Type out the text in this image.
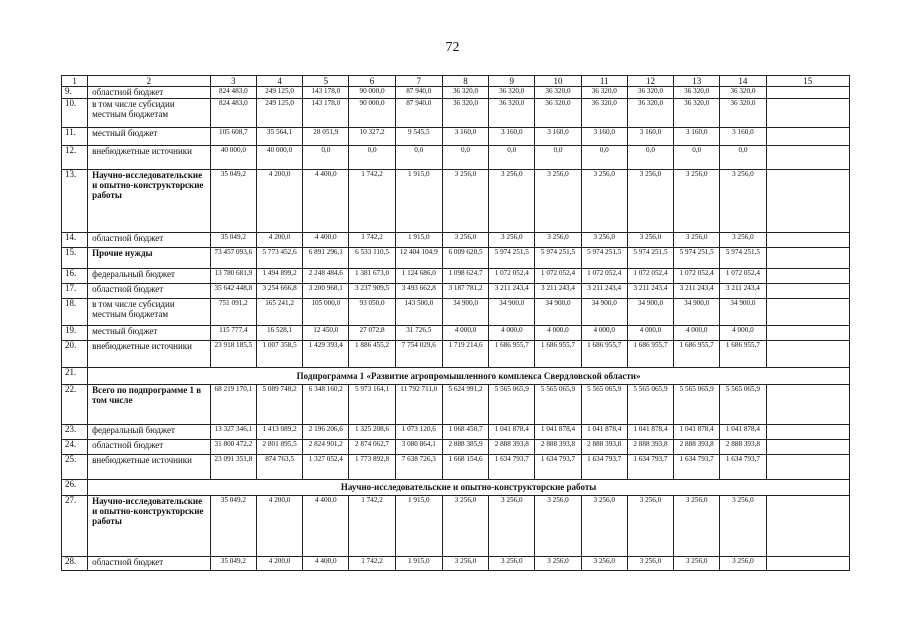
72
1	2	3	4	5	6	7	8	9	10	11	12	13	14	15
9.	областной бюджет	824 483,0	249 125,0	143 178,0	90 000,0	87 940,0	36 320,0	36 320,0	36 320,0	36 320,0	36 320,0	36 320,0	36 320,0	
10.	в том числе субсидии местным бюджетам	824 483,0	249 125,0	143 178,0	90 000,0	87 940,0	36 320,0	36 320,0	36 320,0	36 320,0	36 320,0	36 320,0	36 320,0	
11.	местный бюджет	105 608,7	35 564,1	28 051,9	10 327,2	9 545,5	3 160,0	3 160,0	3 160,0	3 160,0	3 160,0	3 160,0	3 160,0	
12.	внебюджетные источники	40 000,0	40 000,0	0,0	0,0	0,0	0,0	0,0	0,0	0,0	0,0	0,0	0,0	
13.	Научно-исследовательские и опытно-конструкторские работы	35 049,2	4 200,0	4 400,0	1 742,2	1 915,0	3 256,0	3 256,0	3 256,0	3 256,0	3 256,0	3 256,0	3 256,0	
14.	областной бюджет	35 049,2	4 200,0	4 400,0	1 742,2	1 915,0	3 256,0	3 256,0	3 256,0	3 256,0	3 256,0	3 256,0	3 256,0	
15.	Прочие нужды	73 457 093,6	5 773 452,6	6 891 296,1	6 533 110,5	12 404 104,9	6 009 620,5	5 974 251,5	5 974 251,5	5 974 251,5	5 974 251,5	5 974 251,5	5 974 251,5	
16.	федеральный бюджет	13 780 681,9	1 494 899,2	2 248 484,6	1 381 673,0	1 124 686,0	1 098 624,7	1 072 052,4	1 072 052,4	1 072 052,4	1 072 052,4	1 072 052,4	1 072 052,4	
17.	областной бюджет	35 642 448,8	3 254 666,8	3 200 968,1	3 237 909,5	3 493 662,8	3 187 781,2	3 211 243,4	3 211 243,4	3 211 243,4	3 211 243,4	3 211 243,4	3 211 243,4	
18.	в том числе субсидии местным бюджетам	751 091,2	165 241,2	105 000,0	93 050,0	143 500,0	34 900,0	34 900,0	34 900,0	34 900,0	34 900,0	34 900,0	34 900,0	
19.	местный бюджет	115 777,4	16 528,1	12 450,0	27 072,8	31 726,5	4 000,0	4 000,0	4 000,0	4 000,0	4 000,0	4 000,0	4 000,0	
20.	внебюджетные источники	23 918 185,5	1 007 358,5	1 429 393,4	1 886 455,2	7 754 029,6	1 719 214,6	1 686 955,7	1 686 955,7	1 686 955,7	1 686 955,7	1 686 955,7	1 686 955,7	
21.	Подпрограмма 1 «Развитие агропромышленного комплекса Свердловской области»													
22.	Всего по подпрограмме 1 в том числе	68 219 170,1	5 089 748,2	6 348 160,2	5 973 164,1	11 792 711,0	5 624 991,2	5 565 065,9	5 565 065,9	5 565 065,9	5 565 065,9	5 565 065,9	5 565 065,9	
23.	федеральный бюджет	13 327 346,1	1 413 089,2	2 196 206,6	1 325 208,6	1 073 120,6	1 068 450,7	1 041 878,4	1 041 878,4	1 041 878,4	1 041 878,4	1 041 878,4	1 041 878,4	
24.	областной бюджет	31 800 472,2	2 801 895,5	2 824 901,2	2 874 062,7	3 080 864,1	2 888 385,9	2 888 393,8	2 888 393,8	2 888 393,8	2 888 393,8	2 888 393,8	2 888 393,8	
25.	внебюджетные источники	23 091 351,8	874 763,5	1 327 052,4	1 773 892,8	7 638 726,3	1 668 154,6	1 634 793,7	1 634 793,7	1 634 793,7	1 634 793,7	1 634 793,7	1 634 793,7	
26.	Научно-исследовательские и опытно-конструкторские работы													
27.	Научно-исследовательские и опытно-конструкторские работы	35 049,2	4 200,0	4 400,0	1 742,2	1 915,0	3 256,0	3 256,0	3 256,0	3 256,0	3 256,0	3 256,0	3 256,0	
28.	областной бюджет	35 049,2	4 200,0	4 400,0	1 742,2	1 915,0	3 256,0	3 256,0	3 256,0	3 256,0	3 256,0	3 256,0	3 256,0	
